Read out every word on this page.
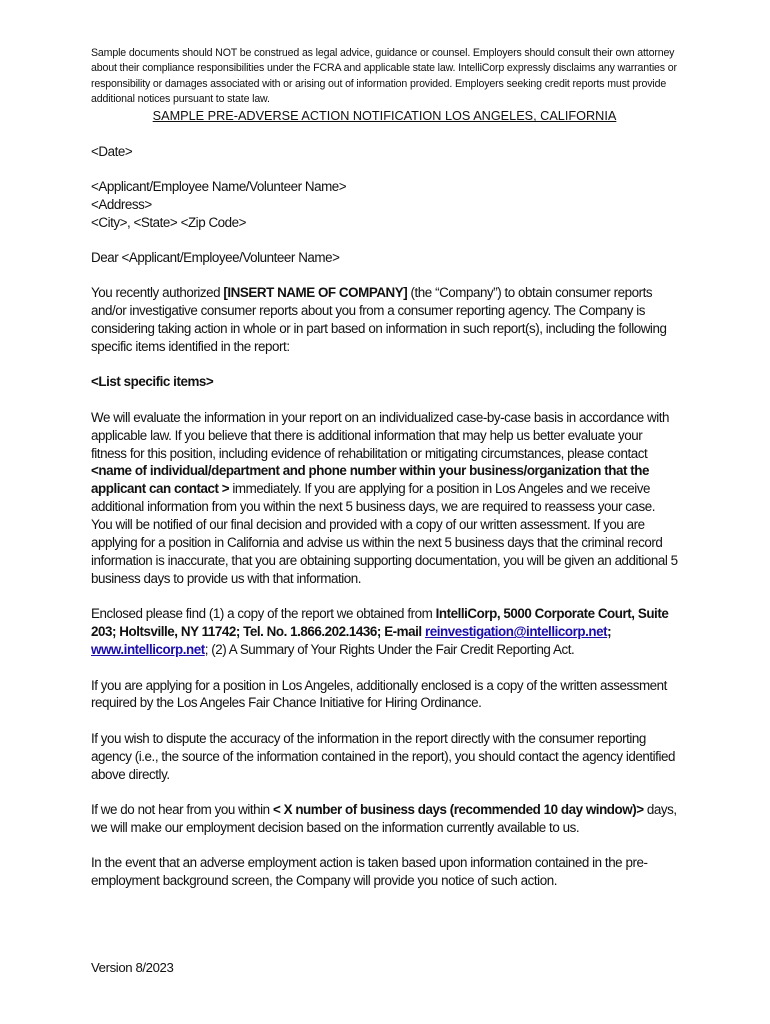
Sample documents should NOT be construed as legal advice, guidance or counsel. Employers should consult their own attorney about their compliance responsibilities under the FCRA and applicable state law. IntelliCorp expressly disclaims any warranties or responsibility or damages associated with or arising out of information provided. Employers seeking credit reports must provide additional notices pursuant to state law.

SAMPLE PRE-ADVERSE ACTION NOTIFICATION LOS ANGELES, CALIFORNIA

<Date>

<Applicant/Employee Name/Volunteer Name>
<Address>
<City>, <State> <Zip Code>

Dear <Applicant/Employee/Volunteer Name>

You recently authorized [INSERT NAME OF COMPANY] (the “Company”) to obtain consumer reports and/or investigative consumer reports about you from a consumer reporting agency. The Company is considering taking action in whole or in part based on information in such report(s), including the following specific items identified in the report:

<List specific items>

We will evaluate the information in your report on an individualized case-by-case basis in accordance with applicable law. If you believe that there is additional information that may help us better evaluate your fitness for this position, including evidence of rehabilitation or mitigating circumstances, please contact <name of individual/department and phone number within your business/organization that the applicant can contact > immediately. If you are applying for a position in Los Angeles and we receive additional information from you within the next 5 business days, we are required to reassess your case. You will be notified of our final decision and provided with a copy of our written assessment. If you are applying for a position in California and advise us within the next 5 business days that the criminal record information is inaccurate, that you are obtaining supporting documentation, you will be given an additional 5 business days to provide us with that information.

Enclosed please find (1) a copy of the report we obtained from IntelliCorp, 5000 Corporate Court, Suite 203; Holtsville, NY 11742; Tel. No. 1.866.202.1436; E-mail reinvestigation@intellicorp.net;
www.intellicorp.net; (2) A Summary of Your Rights Under the Fair Credit Reporting Act.

If you are applying for a position in Los Angeles, additionally enclosed is a copy of the written assessment required by the Los Angeles Fair Chance Initiative for Hiring Ordinance.

If you wish to dispute the accuracy of the information in the report directly with the consumer reporting agency (i.e., the source of the information contained in the report), you should contact the agency identified above directly.

If we do not hear from you within < X number of business days (recommended 10 day window)> days, we will make our employment decision based on the information currently available to us.

In the event that an adverse employment action is taken based upon information contained in the pre-employment background screen, the Company will provide you notice of such action.

Version 8/2023
